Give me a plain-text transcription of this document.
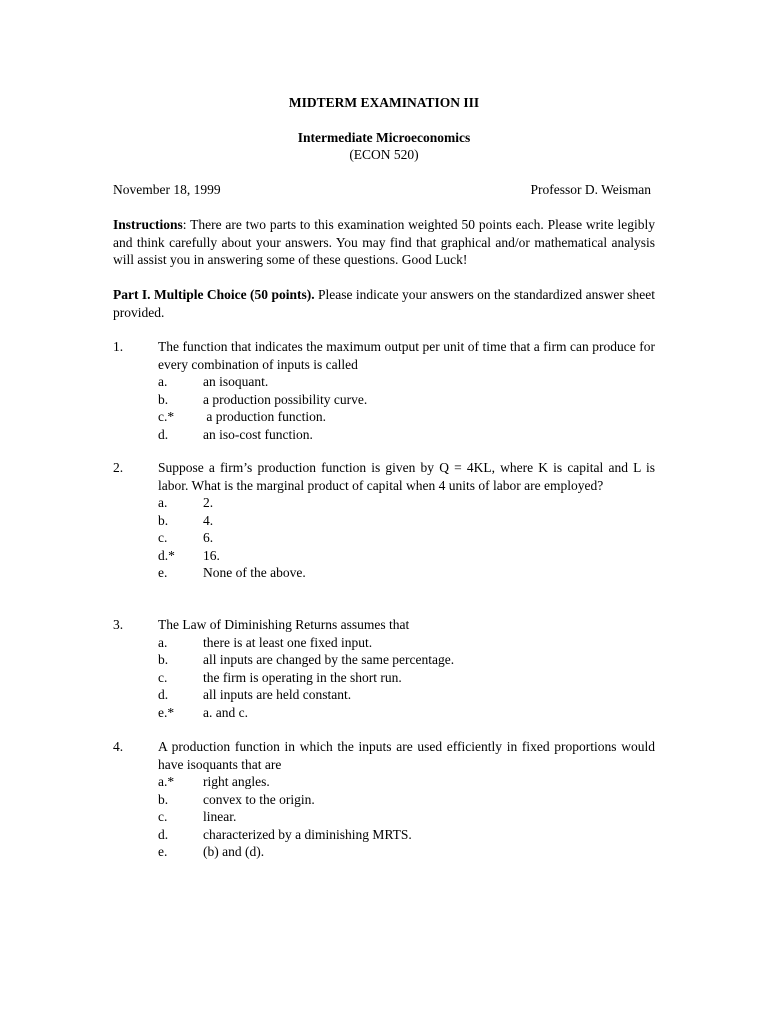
MIDTERM EXAMINATION III
Intermediate Microeconomics
(ECON 520)
November 18, 1999	Professor D. Weisman
Instructions: There are two parts to this examination weighted 50 points each. Please write legibly and think carefully about your answers. You may find that graphical and/or mathematical analysis will assist you in answering some of these questions. Good Luck!
Part I. Multiple Choice (50 points). Please indicate your answers on the standardized answer sheet provided.
1.	The function that indicates the maximum output per unit of time that a firm can produce for every combination of inputs is called
a.	an isoquant.
b.	a production possibility curve.
c.* a production function.
d.	an iso-cost function.
2.	Suppose a firm’s production function is given by Q = 4KL, where K is capital and L is labor. What is the marginal product of capital when 4 units of labor are employed?
a.	2.
b.	4.
c.	6.
d.* 16.
e.	None of the above.
3.	The Law of Diminishing Returns assumes that
a.	there is at least one fixed input.
b.	all inputs are changed by the same percentage.
c.	the firm is operating in the short run.
d.	all inputs are held constant.
e.* a. and c.
4.	A production function in which the inputs are used efficiently in fixed proportions would have isoquants that are
a.* right angles.
b.	convex to the origin.
c.	linear.
d.	characterized by a diminishing MRTS.
e.	(b) and (d).
